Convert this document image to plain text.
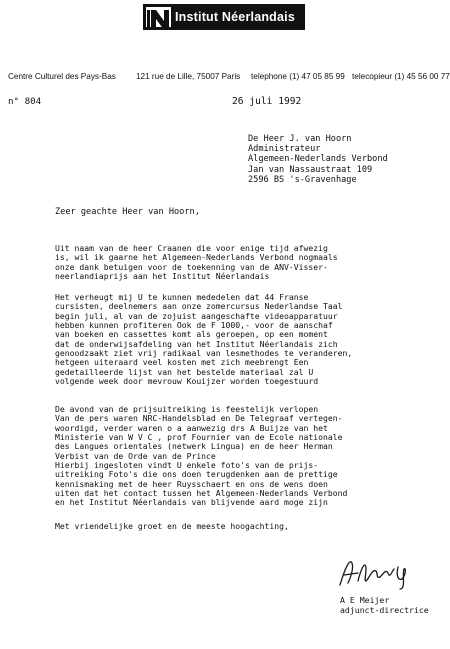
Institut Néerlandais
Centre Culturel des Pays-Bas 121 rue de Lille, 75007 Paris telephone (1) 47 05 85 99 telecopieur (1) 45 56 00 77
n° 804	26 juli 1992
De Heer J. van Hoorn
Administrateur
Algemeen-Nederlands Verbond
Jan van Nassaustraat 109
2596 BS 's-Gravenhage
Zeer geachte Heer van Hoorn,
Uit naam van de heer Craanen die voor enige tijd afwezig
is, wil ik gaarne het Algemeen-Nederlands Verbond nogmaals
onze dank betuigen voor de toekenning van de ANV-Visser-
neerlandiaprijs aan het Institut Néerlandais
Het verheugt mij U te kunnen mededelen dat 44 Franse
cursisten, deelnemers aan onze zomercursus Nederlandse Taal
begin juli, al van de zojuist aangeschafte videoapparatuur
hebben kunnen profiteren Ook de F 1000,- voor de aanschaf
van boeken en cassettes komt als geroepen, op een moment
dat de onderwijsafdeling van het Institut Néerlandais zich
genoodzaakt ziet vrij radikaal van lesmethodes te veranderen,
hetgeen uiteraard veel kosten met zich meebrengt Een
gedetailleerde lijst van het bestelde materiaal zal U
volgende week door mevrouw Kouijzer worden toegestuurd
De avond van de prijsuitreiking is feestelijk verlopen
Van de pers waren NRC-Handelsblad en De Telegraaf vertegen-
woordigd, verder waren o a aanwezig drs A Buijze van het
Ministerie van W V C , prof Fournier van de Ecole nationale
des Langues orientales (netwerk Lingua) en de heer Herman
Verbist van de Orde van de Prince
Hierbij ingesloten vindt U enkele foto's van de prijs-
uitreiking Foto's die ons doen terugdenken aan de prettige
kennismaking met de heer Ruysschaert en ons de wens doen
uiten dat het contact tussen het Algemeen-Nederlands Verbond
en het Institut Néerlandais van blijvende aard moge zijn
Met vriendelijke groet en de meeste hoogachting,
A E Meijer
adjunct-directrice
